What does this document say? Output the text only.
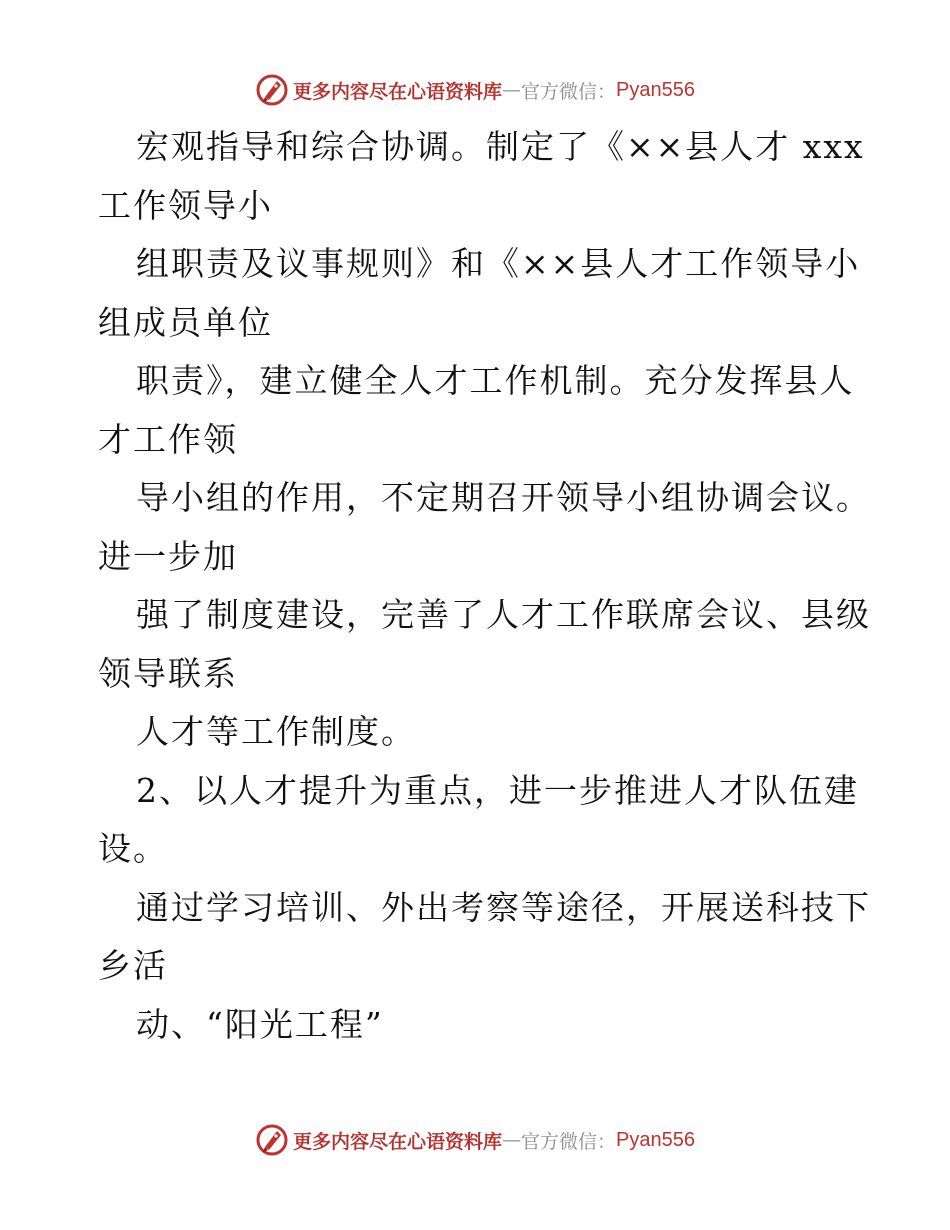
更多内容尽在心语资料库 — 官方微信： Pyan556
宏观指导和综合协调。制定了《××县人才 xxx
工作领导小
组职责及议事规则》和《××县人才工作领导小
组成员单位
职责》，建立健全人才工作机制。充分发挥县人
才工作领
导小组的作用，不定期召开领导小组协调会议。
进一步加
强了制度建设，完善了人才工作联席会议、县级
领导联系
人才等工作制度。
2、以人才提升为重点，进一步推进人才队伍建
设。
通过学习培训、外出考察等途径，开展送科技下
乡活
动、“阳光工程”
更多内容尽在心语资料库 — 官方微信： Pyan556
